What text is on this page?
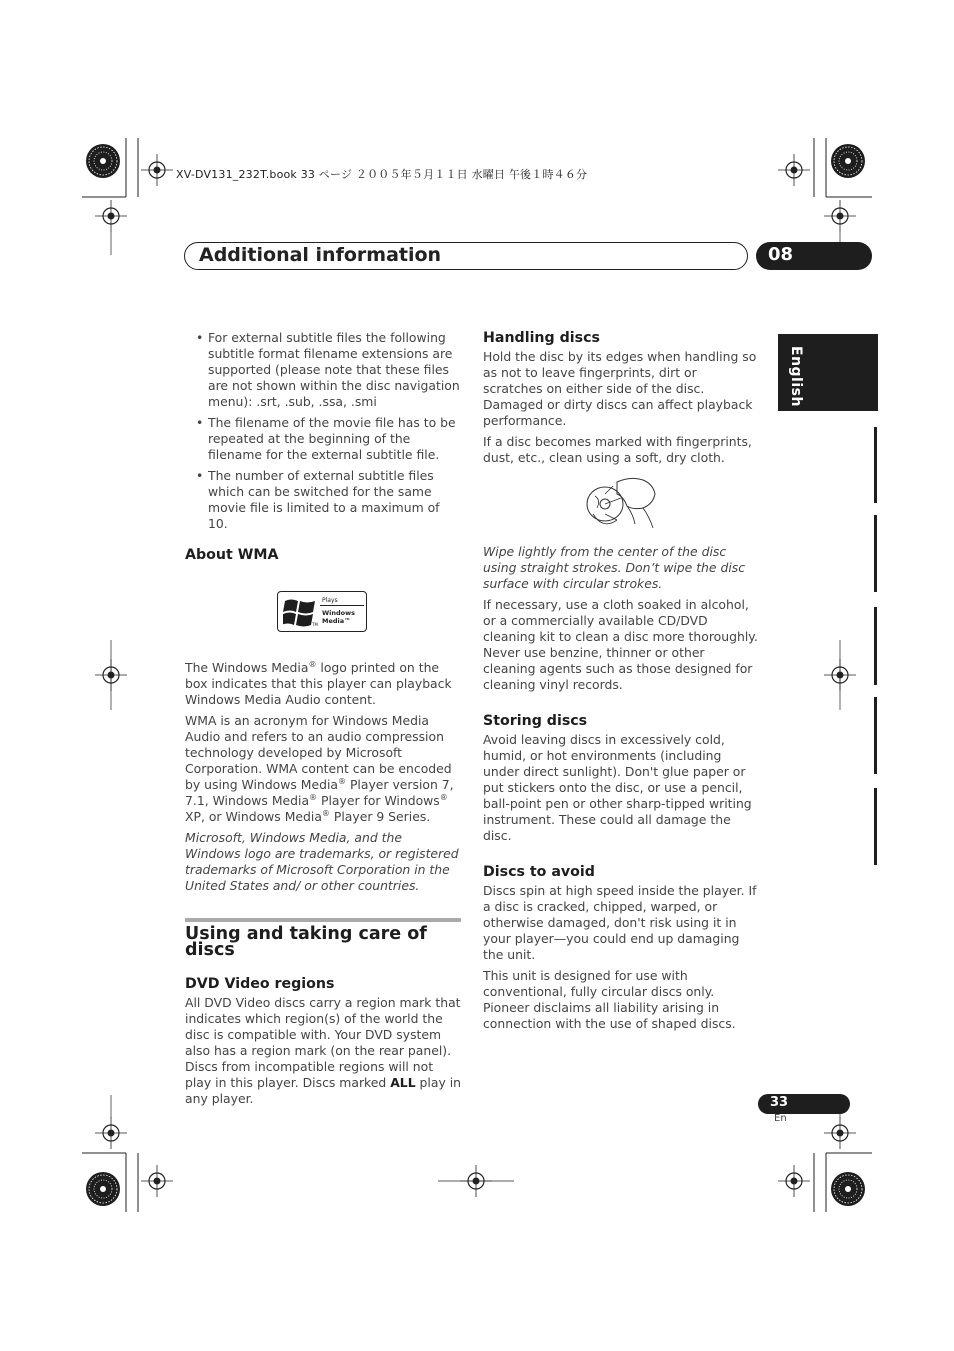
XV-DV131_232T.book 33 ページ ２００５年５月１１日 水曜日 午後１時４６分
Additional information	08
English
• For external subtitle files the following subtitle format filename extensions are supported (please note that these files are not shown within the disc navigation menu): .srt, .sub, .ssa, .smi
• The filename of the movie file has to be repeated at the beginning of the filename for the external subtitle file.
• The number of external subtitle files which can be switched for the same movie file is limited to a maximum of 10.
About WMA
Plays
Windows
Media™
TM

The Windows Media® logo printed on the box indicates that this player can playback Windows Media Audio content.

WMA is an acronym for Windows Media Audio and refers to an audio compression technology developed by Microsoft Corporation. WMA content can be encoded by using Windows Media® Player version 7, 7.1, Windows Media® Player for Windows® XP, or Windows Media® Player 9 Series.

Microsoft, Windows Media, and the Windows logo are trademarks, or registered trademarks of Microsoft Corporation in the United States and/ or other countries.

Using and taking care of discs
DVD Video regions

All DVD Video discs carry a region mark that indicates which region(s) of the world the disc is compatible with. Your DVD system also has a region mark (on the rear panel). Discs from incompatible regions will not play in this player. Discs marked ALL play in any player.

Handling discs

Hold the disc by its edges when handling so as not to leave fingerprints, dirt or scratches on either side of the disc. Damaged or dirty discs can affect playback performance.

If a disc becomes marked with fingerprints, dust, etc., clean using a soft, dry cloth.

Wipe lightly from the center of the disc using straight strokes. Don’t wipe the disc surface with circular strokes.

If necessary, use a cloth soaked in alcohol, or a commercially available CD/DVD cleaning kit to clean a disc more thoroughly. Never use benzine, thinner or other cleaning agents such as those designed for cleaning vinyl records.

Storing discs

Avoid leaving discs in excessively cold, humid, or hot environments (including under direct sunlight). Don't glue paper or put stickers onto the disc, or use a pencil, ball-point pen or other sharp-tipped writing instrument. These could all damage the disc.

Discs to avoid

Discs spin at high speed inside the player. If a disc is cracked, chipped, warped, or otherwise damaged, don't risk using it in your player—you could end up damaging the unit.

This unit is designed for use with conventional, fully circular discs only. Pioneer disclaims all liability arising in connection with the use of shaped discs.

33
En
